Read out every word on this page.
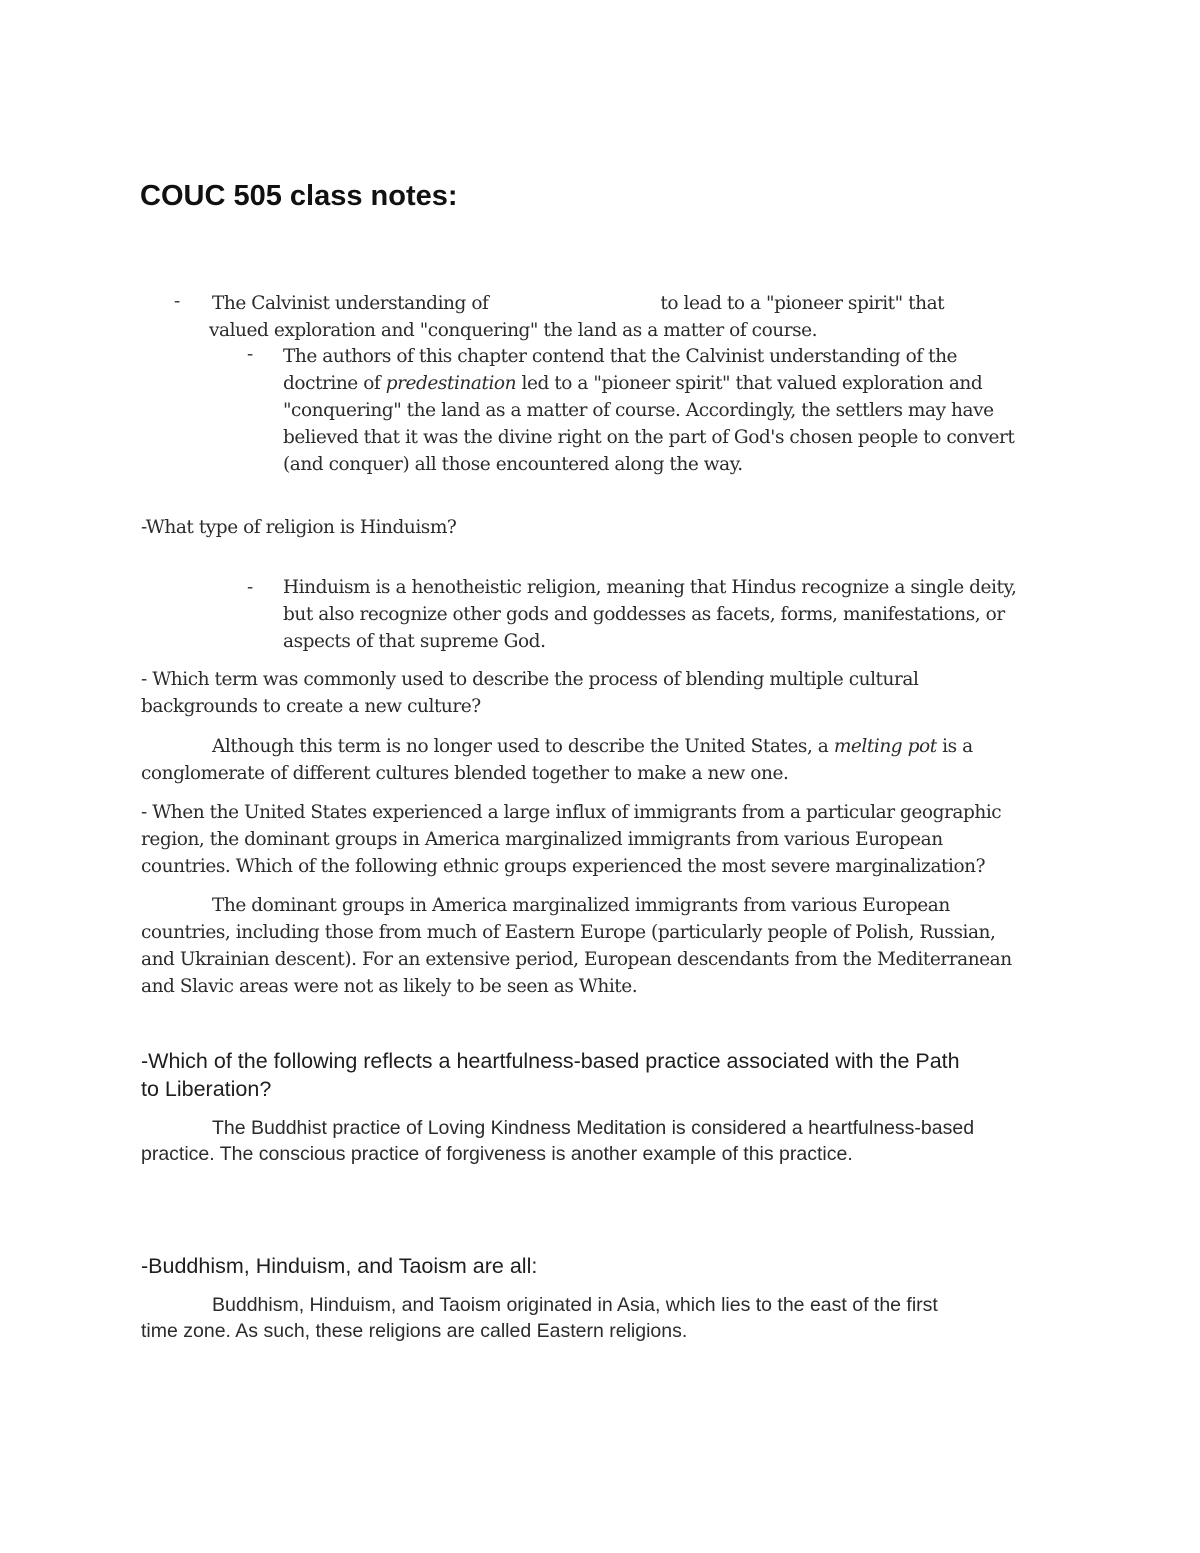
COUC 505 class notes:
- The Calvinist understanding of	to lead to a "pioneer spirit" that
valued exploration and "conquering" the land as a matter of course.
- The authors of this chapter contend that the Calvinist understanding of the
doctrine of predestination led to a "pioneer spirit" that valued exploration and
"conquering" the land as a matter of course. Accordingly, the settlers may have
believed that it was the divine right on the part of God's chosen people to convert
(and conquer) all those encountered along the way.
-What type of religion is Hinduism?
- Hinduism is a henotheistic religion, meaning that Hindus recognize a single deity,
but also recognize other gods and goddesses as facets, forms, manifestations, or
aspects of that supreme God.
- Which term was commonly used to describe the process of blending multiple cultural
backgrounds to create a new culture?
Although this term is no longer used to describe the United States, a melting pot is a
conglomerate of different cultures blended together to make a new one.
- When the United States experienced a large influx of immigrants from a particular geographic
region, the dominant groups in America marginalized immigrants from various European
countries. Which of the following ethnic groups experienced the most severe marginalization?
The dominant groups in America marginalized immigrants from various European
countries, including those from much of Eastern Europe (particularly people of Polish, Russian,
and Ukrainian descent). For an extensive period, European descendants from the Mediterranean
and Slavic areas were not as likely to be seen as White.
-Which of the following reflects a heartfulness-based practice associated with the Path
to Liberation?
The Buddhist practice of Loving Kindness Meditation is considered a heartfulness-based
practice. The conscious practice of forgiveness is another example of this practice.
-Buddhism, Hinduism, and Taoism are all:
Buddhism, Hinduism, and Taoism originated in Asia, which lies to the east of the first
time zone. As such, these religions are called Eastern religions.
